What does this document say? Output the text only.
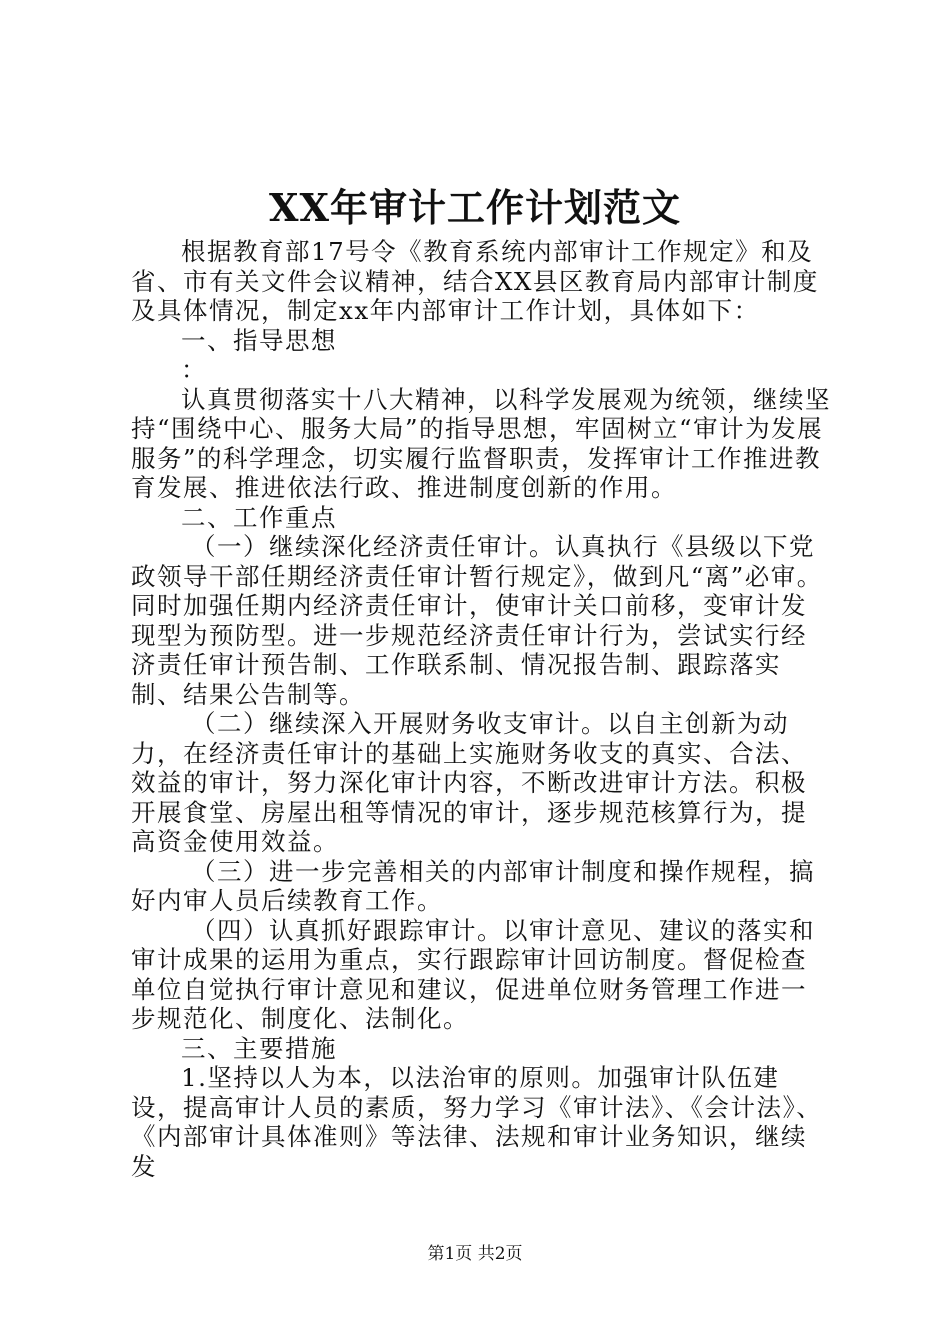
XX年审计工作计划范文

根据教育部17号令《教育系统内部审计工作规定》和及省、市有关文件会议精神，结合XX县区教育局内部审计制度及具体情况，制定xx年内部审计工作计划，具体如下：

一、指导思想

：

认真贯彻落实十八大精神，以科学发展观为统领，继续坚持“围绕中心、服务大局”的指导思想，牢固树立“审计为发展服务”的科学理念，切实履行监督职责，发挥审计工作推进教育发展、推进依法行政、推进制度创新的作用。

二、工作重点

（一）继续深化经济责任审计。认真执行《县级以下党政领导干部任期经济责任审计暂行规定》，做到凡“离”必审。同时加强任期内经济责任审计，使审计关口前移，变审计发现型为预防型。进一步规范经济责任审计行为，尝试实行经济责任审计预告制、工作联系制、情况报告制、跟踪落实制、结果公告制等。

（二）继续深入开展财务收支审计。以自主创新为动力，在经济责任审计的基础上实施财务收支的真实、合法、效益的审计，努力深化审计内容，不断改进审计方法。积极开展食堂、房屋出租等情况的审计，逐步规范核算行为，提高资金使用效益。

（三）进一步完善相关的内部审计制度和操作规程，搞好内审人员后续教育工作。

（四）认真抓好跟踪审计。以审计意见、建议的落实和审计成果的运用为重点，实行跟踪审计回访制度。督促检查单位自觉执行审计意见和建议，促进单位财务管理工作进一步规范化、制度化、法制化。

三、主要措施

1.坚持以人为本，以法治审的原则。加强审计队伍建设，提高审计人员的素质，努力学习《审计法》、《会计法》、《内部审计具体准则》等法律、法规和审计业务知识，继续发

第1页 共2页
